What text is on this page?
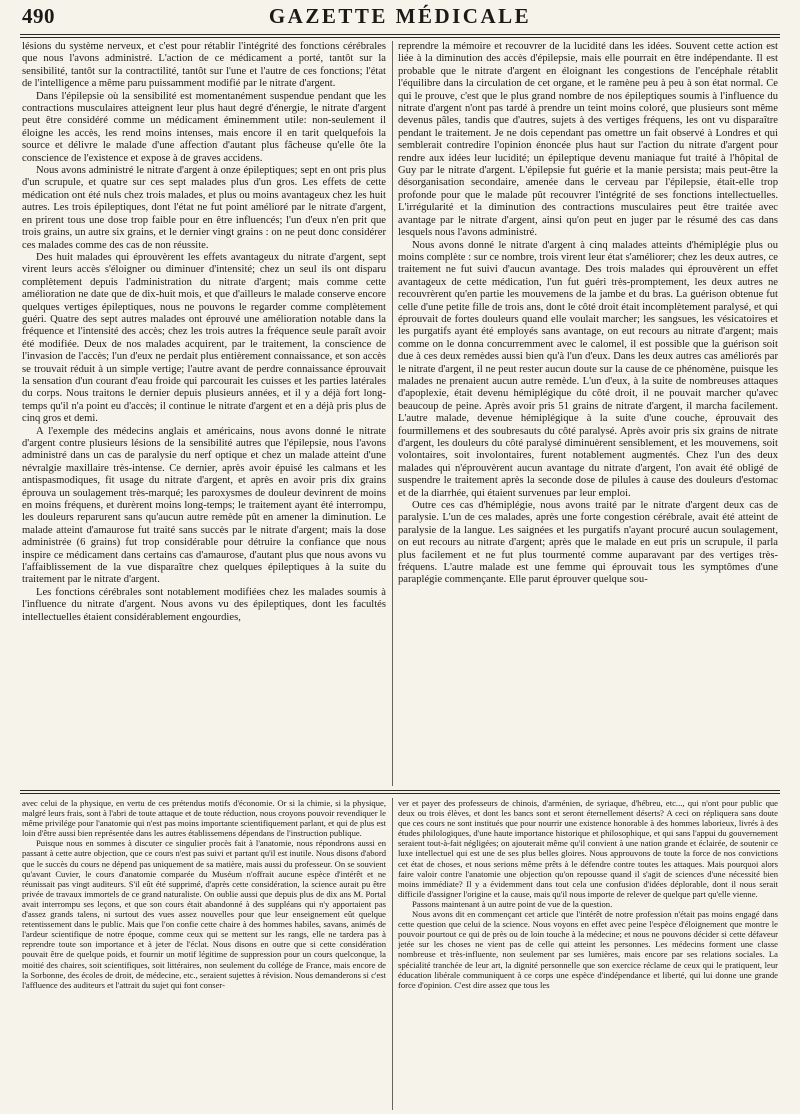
490	GAZETTE MÉDICALE

lésions du système nerveux, et c'est pour rétablir l'intégrité des fonctions cérébrales que nous l'avons administré. L'action de ce médicament a porté, tantôt sur la sensibilité, tantôt sur la contractilité, tantôt sur l'une et l'autre de ces fonctions; l'état de l'intelligence a même paru puissamment modifié par le nitrate d'argent.

Dans l'épilepsie où la sensibilité est momentanément suspendue pendant que les contractions musculaires atteignent leur plus haut degré d'énergie, le nitrate d'argent peut être considéré comme un médicament éminemment utile: non-seulement il éloigne les accès, les rend moins intenses, mais encore il en tarit quelquefois la source et délivre le malade d'une affection d'autant plus fâcheuse qu'elle ôte la conscience de l'existence et expose à de graves accidens.

Nous avons administré le nitrate d'argent à onze épileptiques; sept en ont pris plus d'un scrupule, et quatre sur ces sept malades plus d'un gros. Les effets de cette médication ont été nuls chez trois malades, et plus ou moins avantageux chez les huit autres. Les trois épileptiques, dont l'état ne fut point amélioré par le nitrate d'argent, en prirent tous une dose trop faible pour en être influencés; l'un d'eux n'en prit que trois grains, un autre six grains, et le dernier vingt grains : on ne peut donc considérer ces malades comme des cas de non réussite.

Des huit malades qui éprouvèrent les effets avantageux du nitrate d'argent, sept virent leurs accès s'éloigner ou diminuer d'intensité; chez un seul ils ont disparu complètement depuis l'administration du nitrate d'argent; mais comme cette amélioration ne date que de dix-huit mois, et que d'ailleurs le malade conserve encore quelques vertiges épileptiques, nous ne pouvons le regarder comme complètement guéri. Quatre des sept autres malades ont éprouvé une amélioration notable dans la fréquence et l'intensité des accès; chez les trois autres la fréquence seule paraît avoir été modifiée. Deux de nos malades acquirent, par le traitement, la conscience de l'invasion de l'accès; l'un d'eux ne perdait plus entièrement connaissance, et son accès se trouvait réduit à un simple vertige; l'autre avant de perdre connaissance éprouvait la sensation d'un courant d'eau froide qui parcourait les cuisses et les parties latérales du corps. Nous traitons le dernier depuis plusieurs années, et il y a déjà fort long-temps qu'il n'a point eu d'accès; il continue le nitrate d'argent et en a déjà pris plus de cinq gros et demi.

A l'exemple des médecins anglais et américains, nous avons donné le nitrate d'argent contre plusieurs lésions de la sensibilité autres que l'épilepsie, nous l'avons administré dans un cas de paralysie du nerf optique et chez un malade atteint d'une névralgie maxillaire très-intense. Ce dernier, après avoir épuisé les calmans et les antispasmodiques, fit usage du nitrate d'argent, et après en avoir pris dix grains éprouva un soulagement très-marqué; les paroxysmes de douleur devinrent de moins en moins fréquens, et durèrent moins long-temps; le traitement ayant été interrompu, les douleurs reparurent sans qu'aucun autre remède pût en amener la diminution. Le malade atteint d'amaurose fut traité sans succès par le nitrate d'argent; mais la dose administrée (6 grains) fut trop considérable pour détruire la confiance que nous inspire ce médicament dans certains cas d'amaurose, d'autant plus que nous avons vu l'affaiblissement de la vue disparaître chez quelques épileptiques à la suite du traitement par le nitrate d'argent.

Les fonctions cérébrales sont notablement modifiées chez les malades soumis à l'influence du nitrate d'argent. Nous avons vu des épileptiques, dont les facultés intellectuelles étaient considérablement engourdies,

reprendre la mémoire et recouvrer de la lucidité dans les idées. Souvent cette action est liée à la diminution des accès d'épilepsie, mais elle pourrait en être indépendante. Il est probable que le nitrate d'argent en éloignant les congestions de l'encéphale rétablit l'équilibre dans la circulation de cet organe, et le ramène peu à peu à son état normal. Ce qui le prouve, c'est que le plus grand nombre de nos épileptiques soumis à l'influence du nitrate d'argent n'ont pas tardé à prendre un teint moins coloré, que plusieurs sont même devenus pâles, tandis que d'autres, sujets à des vertiges fréquens, les ont vu disparaître pendant le traitement. Je ne dois cependant pas omettre un fait observé à Londres et qui semblerait contredire l'opinion énoncée plus haut sur l'action du nitrate d'argent pour rendre aux idées leur lucidité; un épileptique devenu maniaque fut traité à l'hôpital de Guy par le nitrate d'argent. L'épilepsie fut guérie et la manie persista; mais peut-être la désorganisation secondaire, amenée dans le cerveau par l'épilepsie, était-elle trop profonde pour que le malade pût recouvrer l'intégrité de ses fonctions intellectuelles. L'irrégularité et la diminution des contractions musculaires peut être traitée avec avantage par le nitrate d'argent, ainsi qu'on peut en juger par le résumé des cas dans lesquels nous l'avons administré.

Nous avons donné le nitrate d'argent à cinq malades atteints d'hémiplégie plus ou moins complète : sur ce nombre, trois virent leur état s'améliorer; chez les deux autres, ce traitement ne fut suivi d'aucun avantage. Des trois malades qui éprouvèrent un effet avantageux de cette médication, l'un fut guéri très-promptement, les deux autres ne recouvrèrent qu'en partie les mouvemens de la jambe et du bras. La guérison obtenue fut celle d'une petite fille de trois ans, dont le côté droit était incomplètement paralysé, et qui éprouvait de fortes douleurs quand elle voulait marcher; les sangsues, les vésicatoires et les purgatifs ayant été employés sans avantage, on eut recours au nitrate d'argent; mais comme on le donna concurremment avec le calomel, il est possible que la guérison soit due à ces deux remèdes aussi bien qu'à l'un d'eux. Dans les deux autres cas améliorés par le nitrate d'argent, il ne peut rester aucun doute sur la cause de ce phénomène, puisque les malades ne prenaient aucun autre remède. L'un d'eux, à la suite de nombreuses attaques d'apoplexie, était devenu hémiplégique du côté droit, il ne pouvait marcher qu'avec beaucoup de peine. Après avoir pris 51 grains de nitrate d'argent, il marcha facilement. L'autre malade, devenue hémiplégique à la suite d'une couche, éprouvait des fourmillemens et des soubresauts du côté paralysé. Après avoir pris six grains de nitrate d'argent, les douleurs du côté paralysé diminuèrent sensiblement, et les mouvemens, soit volontaires, soit involontaires, furent notablement augmentés. Chez l'un des deux malades qui n'éprouvèrent aucun avantage du nitrate d'argent, l'on avait été obligé de suspendre le traitement après la seconde dose de pilules à cause des douleurs d'estomac et de la diarrhée, qui étaient survenues par leur emploi.

Outre ces cas d'hémiplégie, nous avons traité par le nitrate d'argent deux cas de paralysie. L'un de ces malades, après une forte congestion cérébrale, avait été atteint de paralysie de la langue. Les saignées et les purgatifs n'ayant procuré aucun soulagement, on eut recours au nitrate d'argent; après que le malade en eut pris un scrupule, il parla plus facilement et ne fut plus tourmenté comme auparavant par des vertiges très-fréquens. L'autre malade est une femme qui éprouvait tous les symptômes d'une paraplégie commençante. Elle parut éprouver quelque sou-

avec celui de la physique, en vertu de ces prétendus motifs d'économie. Or si la chimie, si la physique, malgré leurs frais, sont à l'abri de toute attaque et de toute réduction, nous croyons pouvoir revendiquer le même privilége pour l'anatomie qui n'est pas moins importante scientifiquement parlant, et qui de plus est loin d'être aussi bien représentée dans les autres établissemens dépendans de l'instruction publique.

Puisque nous en sommes à discuter ce singulier procès fait à l'anatomie, nous répondrons aussi en passant à cette autre objection, que ce cours n'est pas suivi et partant qu'il est inutile. Nous disons d'abord que le succès du cours ne dépend pas uniquement de sa matière, mais aussi du professeur. On se souvient qu'avant Cuvier, le cours d'anatomie comparée du Muséum n'offrait aucune espèce d'intérêt et ne réunissait pas vingt auditeurs. S'il eût été supprimé, d'après cette considération, la science aurait pu être privée de travaux immortels de ce grand naturaliste. On oublie aussi que depuis plus de dix ans M. Portal avait interrompu ses leçons, et que son cours était abandonné à des suppléans qui n'y apportaient pas d'assez grands talens, ni surtout des vues assez nouvelles pour que leur enseignement eût quelque retentissement dans le public. Mais que l'on confie cette chaire à des hommes habiles, savans, animés de l'ardeur scientifique de notre époque, comme ceux qui se mettent sur les rangs, elle ne tardera pas à reprendre toute son importance et à jeter de l'éclat. Nous disons en outre que si cette considération pouvait être de quelque poids, et fournir un motif légitime de suppression pour un cours quelconque, la moitié des chaires, soit scientifiques, soit littéraires, non seulement du collége de France, mais encore de la Sorbonne, des écoles de droit, de médecine, etc., seraient sujettes à révision. Nous demanderons si c'est l'affluence des auditeurs et l'attrait du sujet qui font conser-

ver et payer des professeurs de chinois, d'arménien, de syriaque, d'hébreu, etc..., qui n'ont pour public que deux ou trois élèves, et dont les bancs sont et seront éternellement déserts? A ceci on répliquera sans doute que ces cours ne sont institués que pour nourrir une existence honorable à des hommes laborieux, livrés à des études philologiques, d'une haute importance historique et philosophique, et qui sans l'appui du gouvernement seraient tout-à-fait négligées; on ajouterait même qu'il convient à une nation grande et éclairée, de soutenir ce luxe intellectuel qui est une de ses plus belles gloires. Nous approuvons de toute la force de nos convictions cet état de choses, et nous serions même prêts à le défendre contre toutes les attaques. Mais pourquoi alors faire valoir contre l'anatomie une objection qu'on repousse quand il s'agit de sciences d'une nécessité bien moins immédiate? Il y a évidemment dans tout cela une confusion d'idées déplorable, dont il nous serait difficile d'assigner l'origine et la cause, mais qu'il nous importe de relever de quelque part qu'elle vienne.

Passons maintenant à un autre point de vue de la question.

Nous avons dit en commençant cet article que l'intérêt de notre profession n'était pas moins engagé dans cette question que celui de la science. Nous voyons en effet avec peine l'espèce d'éloignement que montre le pouvoir pourtout ce qui de près ou de loin touche à la médecine; et nous ne pouvons décider si cette défaveur jetée sur les choses ne vient pas de celle qui atteint les personnes. Les médecins forment une classe nombreuse et très-influente, non seulement par ses lumières, mais encore par ses relations sociales. La spécialité tranchée de leur art, la dignité personnelle que son exercice réclame de ceux qui le pratiquent, leur éducation libérale communiquent à ce corps une espèce d'indépendance et liberté, qui lui donne une grande force d'opinion. C'est dire assez que tous les
